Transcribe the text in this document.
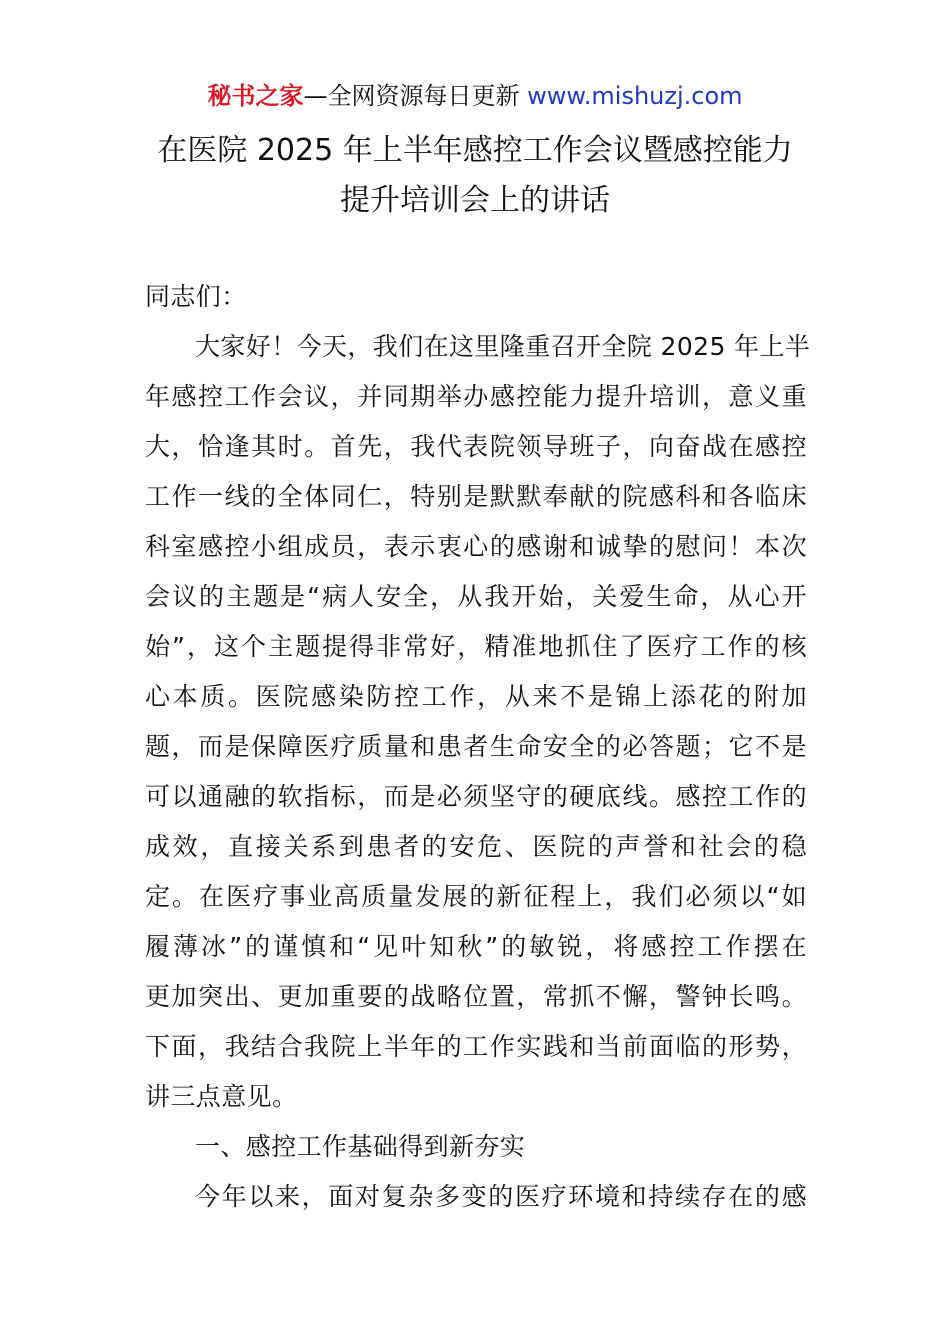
秘书之家—全网资源每日更新 www.mishuzj.com
在医院 2025 年上半年感控工作会议暨感控能力
提升培训会上的讲话
同志们：
大家好！今天，我们在这里隆重召开全院 2025 年上半
年感控工作会议，并同期举办感控能力提升培训，意义重
大，恰逢其时。首先，我代表院领导班子，向奋战在感控
工作一线的全体同仁，特别是默默奉献的院感科和各临床
科室感控小组成员，表示衷心的感谢和诚挚的慰问！本次
会议的主题是“病人安全，从我开始，关爱生命，从心开
始”，这个主题提得非常好，精准地抓住了医疗工作的核
心本质。医院感染防控工作，从来不是锦上添花的附加
题，而是保障医疗质量和患者生命安全的必答题；它不是
可以通融的软指标，而是必须坚守的硬底线。感控工作的
成效，直接关系到患者的安危、医院的声誉和社会的稳
定。在医疗事业高质量发展的新征程上，我们必须以“如
履薄冰”的谨慎和“见叶知秋”的敏锐，将感控工作摆在
更加突出、更加重要的战略位置，常抓不懈，警钟长鸣。
下面，我结合我院上半年的工作实践和当前面临的形势，
讲三点意见。
一、感控工作基础得到新夯实
今年以来，面对复杂多变的医疗环境和持续存在的感
